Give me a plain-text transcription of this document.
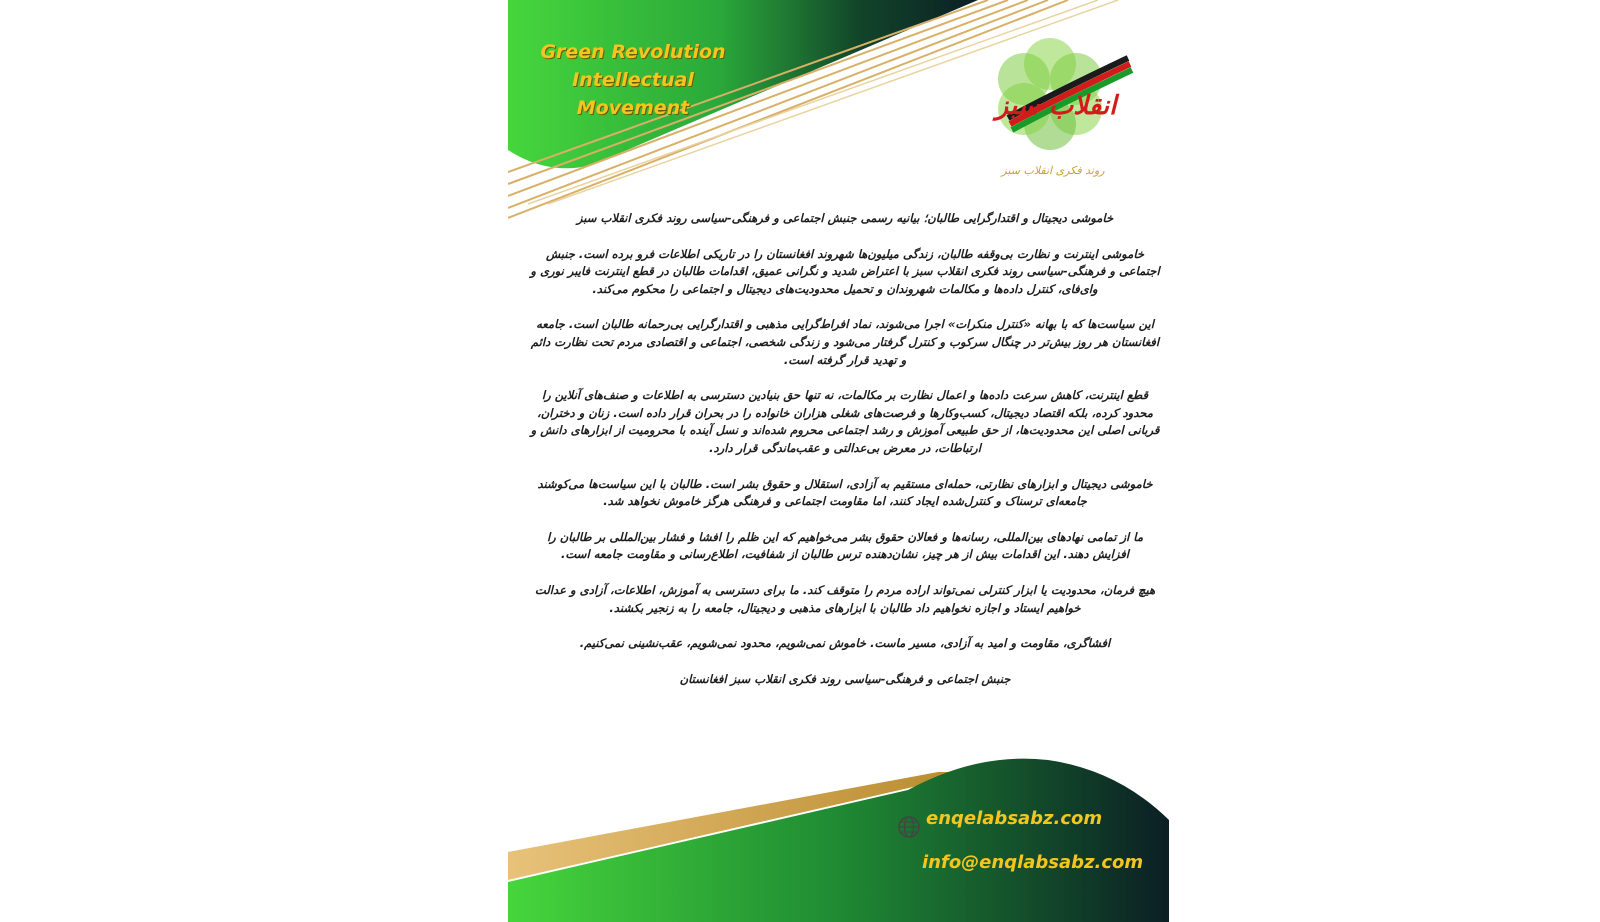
Green Revolution
Intellectual
Movement	انقلاب سبز
روند فکری انقلاب سبز

خاموشی دیجیتال و اقتدارگرایی طالبان؛ بیانیه رسمی جنبش اجتماعی و فرهنگی-سیاسی روند فکری انقلاب سبز

خاموشی اینترنت و نظارت بی‌وقفه طالبان، زندگی میلیون‌ها شهروند افغانستان را در تاریکی اطلاعات فرو برده است. جنبش اجتماعی و فرهنگی-سیاسی روند فکری انقلاب سبز با اعتراض شدید و نگرانی عمیق، اقدامات طالبان در قطع اینترنت فایبر نوری و وای‌فای، کنترل داده‌ها و مکالمات شهروندان و تحمیل محدودیت‌های دیجیتال و اجتماعی را محکوم می‌کند.

این سیاست‌ها که با بهانه «کنترل منکرات» اجرا می‌شوند، نماد افراط‌گرایی مذهبی و اقتدارگرایی بی‌رحمانه طالبان است. جامعه افغانستان هر روز بیش‌تر در چنگال سرکوب و کنترل گرفتار می‌شود و زندگی شخصی، اجتماعی و اقتصادی مردم تحت نظارت دائم و تهدید قرار گرفته است.

قطع اینترنت، کاهش سرعت داده‌ها و اعمال نظارت بر مکالمات، نه تنها حق بنیادین دسترسی به اطلاعات و صنف‌های آنلاین را محدود کرده، بلکه اقتصاد دیجیتال، کسب‌وکارها و فرصت‌های شغلی هزاران خانواده را در بحران قرار داده است. زنان و دختران، قربانی اصلی این محدودیت‌ها، از حق طبیعی آموزش و رشد اجتماعی محروم شده‌اند و نسل آینده با محرومیت از ابزارهای دانش و ارتباطات، در معرض بی‌عدالتی و عقب‌ماندگی قرار دارد.

خاموشی دیجیتال و ابزارهای نظارتی، حمله‌ای مستقیم به آزادی، استقلال و حقوق بشر است. طالبان با این سیاست‌ها می‌کوشند جامعه‌ای ترسناک و کنترل‌شده ایجاد کنند، اما مقاومت اجتماعی و فرهنگی هرگز خاموش نخواهد شد.

ما از تمامی نهادهای بین‌المللی، رسانه‌ها و فعالان حقوق بشر می‌خواهیم که این ظلم را افشا و فشار بین‌المللی بر طالبان را افزایش دهند. این اقدامات بیش از هر چیز، نشان‌دهنده ترس طالبان از شفافیت، اطلاع‌رسانی و مقاومت جامعه است.

هیچ فرمان، محدودیت یا ابزار کنترلی نمی‌تواند اراده مردم را متوقف کند. ما برای دسترسی به آموزش، اطلاعات، آزادی و عدالت خواهیم ایستاد و اجازه نخواهیم داد طالبان با ابزارهای مذهبی و دیجیتال، جامعه را به زنجیر بکشند.

افشاگری، مقاومت و امید به آزادی، مسیر ماست. خاموش نمی‌شویم، محدود نمی‌شویم، عقب‌نشینی نمی‌کنیم.

جنبش اجتماعی و فرهنگی-سیاسی روند فکری انقلاب سبز افغانستان

enqelabsabz.com
info@enqlabsabz.com
